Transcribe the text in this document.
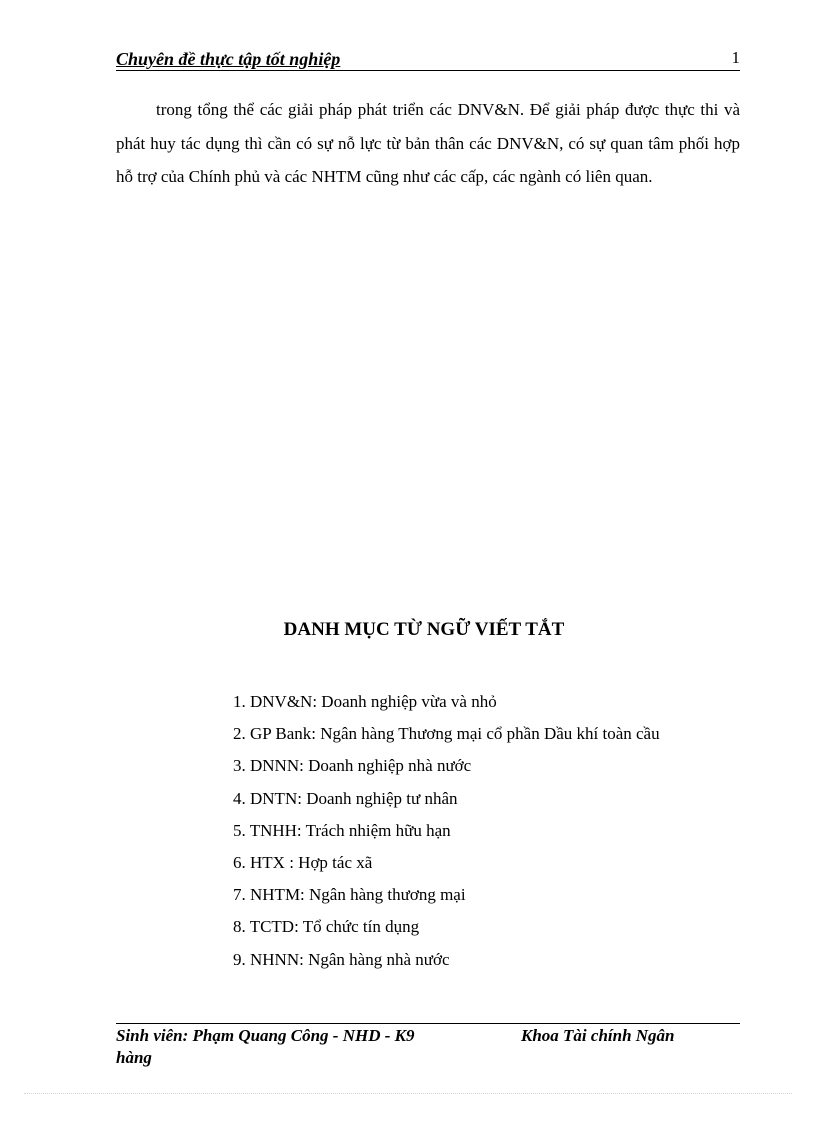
Chuyên đề thực tập tốt nghiệp	1

trong tổng thể các giải pháp phát triển các DNV&N. Để giải pháp được thực thi và phát huy tác dụng thì cần có sự nỗ lực từ bản thân các DNV&N, có sự quan tâm phối hợp hỗ trợ của Chính phủ và các NHTM cũng như các cấp, các ngành có liên quan.

DANH MỤC TỪ NGỮ VIẾT TẮT
1. DNV&N: Doanh nghiệp vừa và nhỏ
2. GP Bank: Ngân hàng Thương mại cổ phần Dầu khí toàn cầu
3. DNNN: Doanh nghiệp nhà nước
4. DNTN: Doanh nghiệp tư nhân
5. TNHH: Trách nhiệm hữu hạn
6. HTX : Hợp tác xã
7. NHTM: Ngân hàng thương mại
8. TCTD: Tổ chức tín dụng
9. NHNN: Ngân hàng nhà nước
Sinh viên: Phạm Quang Công - NHD - K9	Khoa Tài chính Ngân
hàng
